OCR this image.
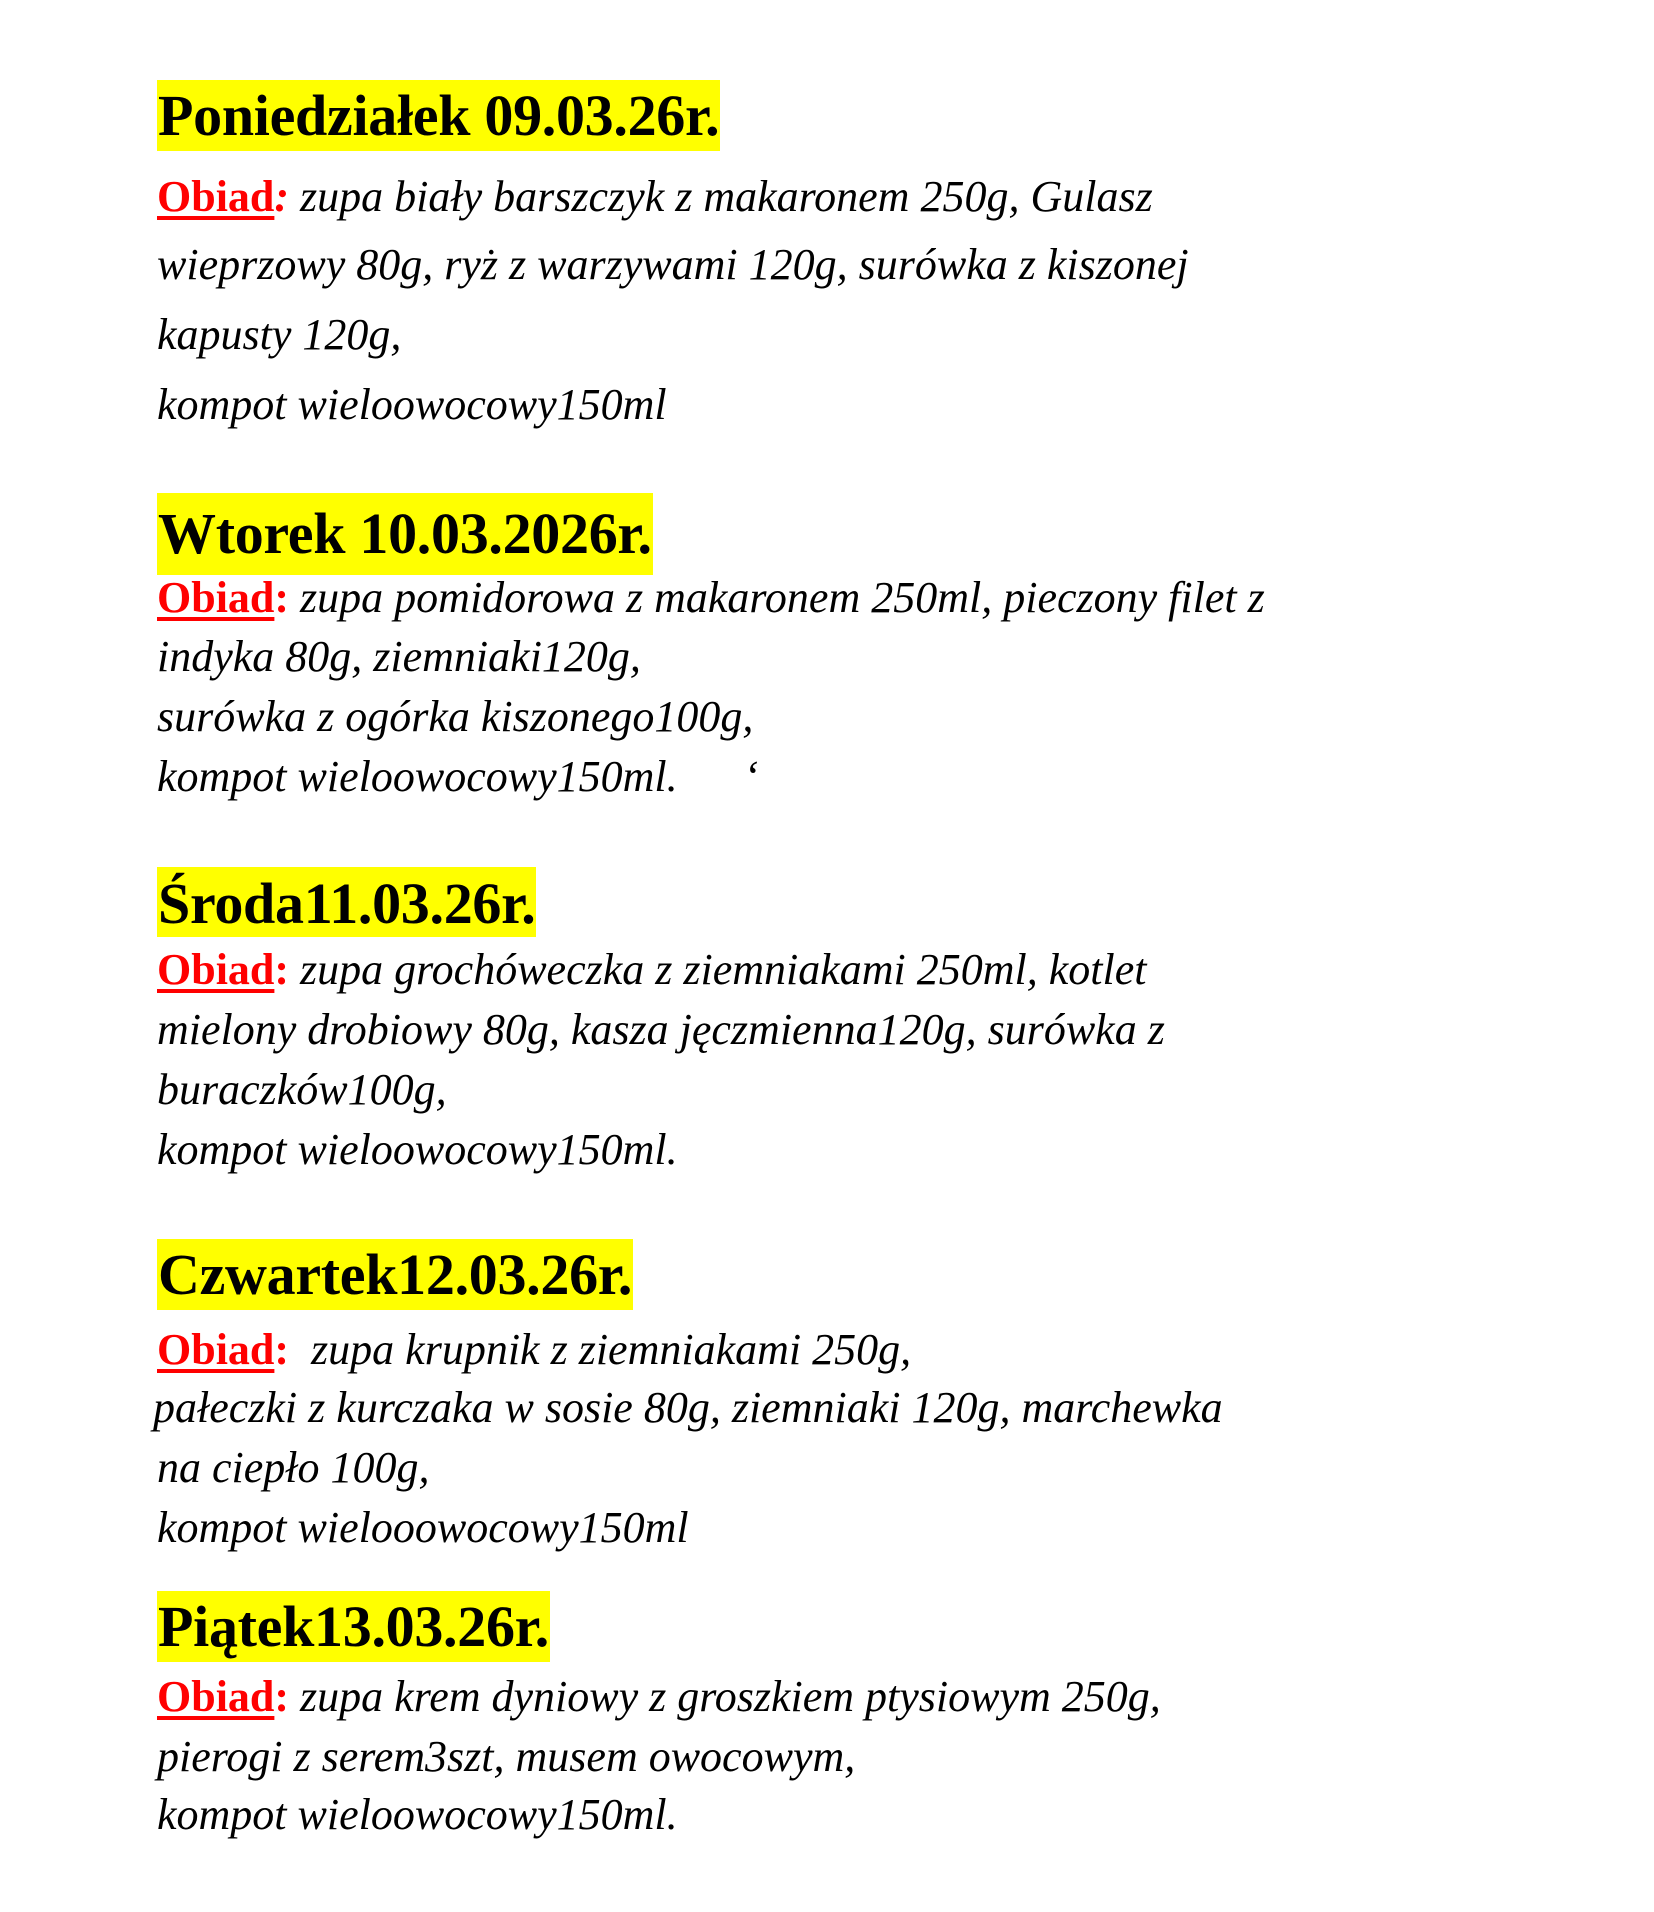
Poniedziałek 09.03.26r.
Obiad: zupa biały barszczyk z makaronem 250g, Gulasz
wieprzowy 80g, ryż z warzywami 120g, surówka z kiszonej
kapusty 120g,
kompot wieloowocowy150ml
Wtorek 10.03.2026r.
Obiad: zupa pomidorowa z makaronem 250ml, pieczony filet z
indyka 80g, ziemniaki120g,
surówka z ogórka kiszonego100g,
kompot wieloowocowy150ml.      ‘
Środa11.03.26r.
Obiad: zupa grochóweczka z ziemniakami 250ml, kotlet
mielony drobiowy 80g, kasza jęczmienna120g, surówka z
buraczków100g,
kompot wieloowocowy150ml.
Czwartek12.03.26r.
Obiad:  zupa krupnik z ziemniakami 250g,
pałeczki z kurczaka w sosie 80g, ziemniaki 120g, marchewka
na ciepło 100g,
kompot wielooowocowy150ml
Piątek13.03.26r.
Obiad: zupa krem dyniowy z groszkiem ptysiowym 250g,
pierogi z serem3szt, musem owocowym,
kompot wieloowocowy150ml.
